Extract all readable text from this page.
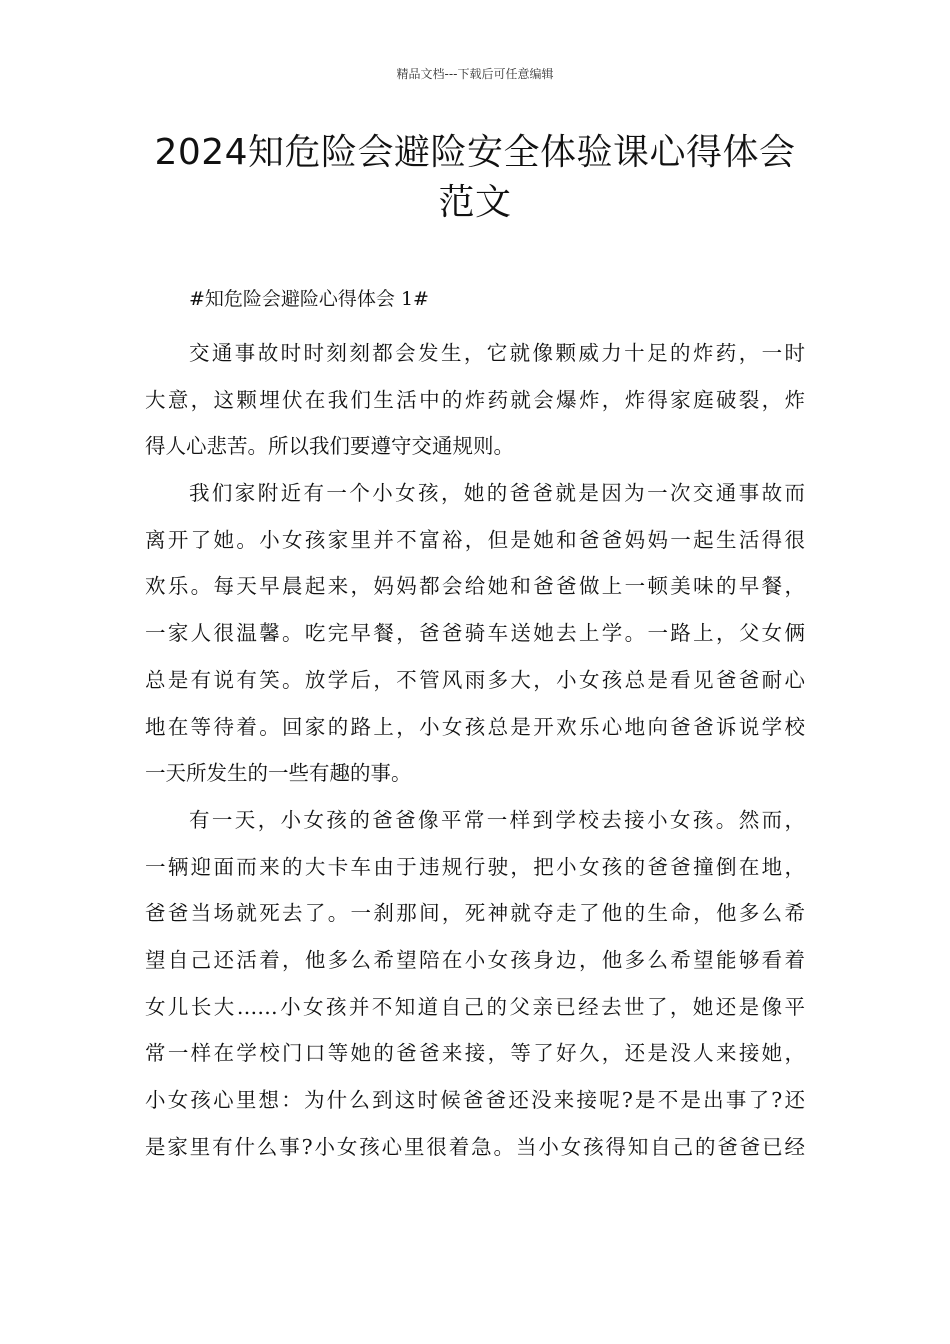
精品文档---下载后可任意编辑
2024知危险会避险安全体验课心得体会
范文
#知危险会避险心得体会 1#

交通事故时时刻刻都会发生，它就像颗威力十足的炸药，一时
大意，这颗埋伏在我们生活中的炸药就会爆炸，炸得家庭破裂，炸
得人心悲苦。所以我们要遵守交通规则。

我们家附近有一个小女孩，她的爸爸就是因为一次交通事故而
离开了她。小女孩家里并不富裕，但是她和爸爸妈妈一起生活得很
欢乐。每天早晨起来，妈妈都会给她和爸爸做上一顿美味的早餐，
一家人很温馨。吃完早餐，爸爸骑车送她去上学。一路上，父女俩
总是有说有笑。放学后，不管风雨多大，小女孩总是看见爸爸耐心
地在等待着。回家的路上，小女孩总是开欢乐心地向爸爸诉说学校
一天所发生的一些有趣的事。

有一天，小女孩的爸爸像平常一样到学校去接小女孩。然而，
一辆迎面而来的大卡车由于违规行驶，把小女孩的爸爸撞倒在地，
爸爸当场就死去了。一刹那间，死神就夺走了他的生命，他多么希
望自己还活着，他多么希望陪在小女孩身边，他多么希望能够看着
女儿长大……小女孩并不知道自己的父亲已经去世了，她还是像平
常一样在学校门口等她的爸爸来接，等了好久，还是没人来接她，
小女孩心里想：为什么到这时候爸爸还没来接呢?是不是出事了?还
是家里有什么事?小女孩心里很着急。当小女孩得知自己的爸爸已经
